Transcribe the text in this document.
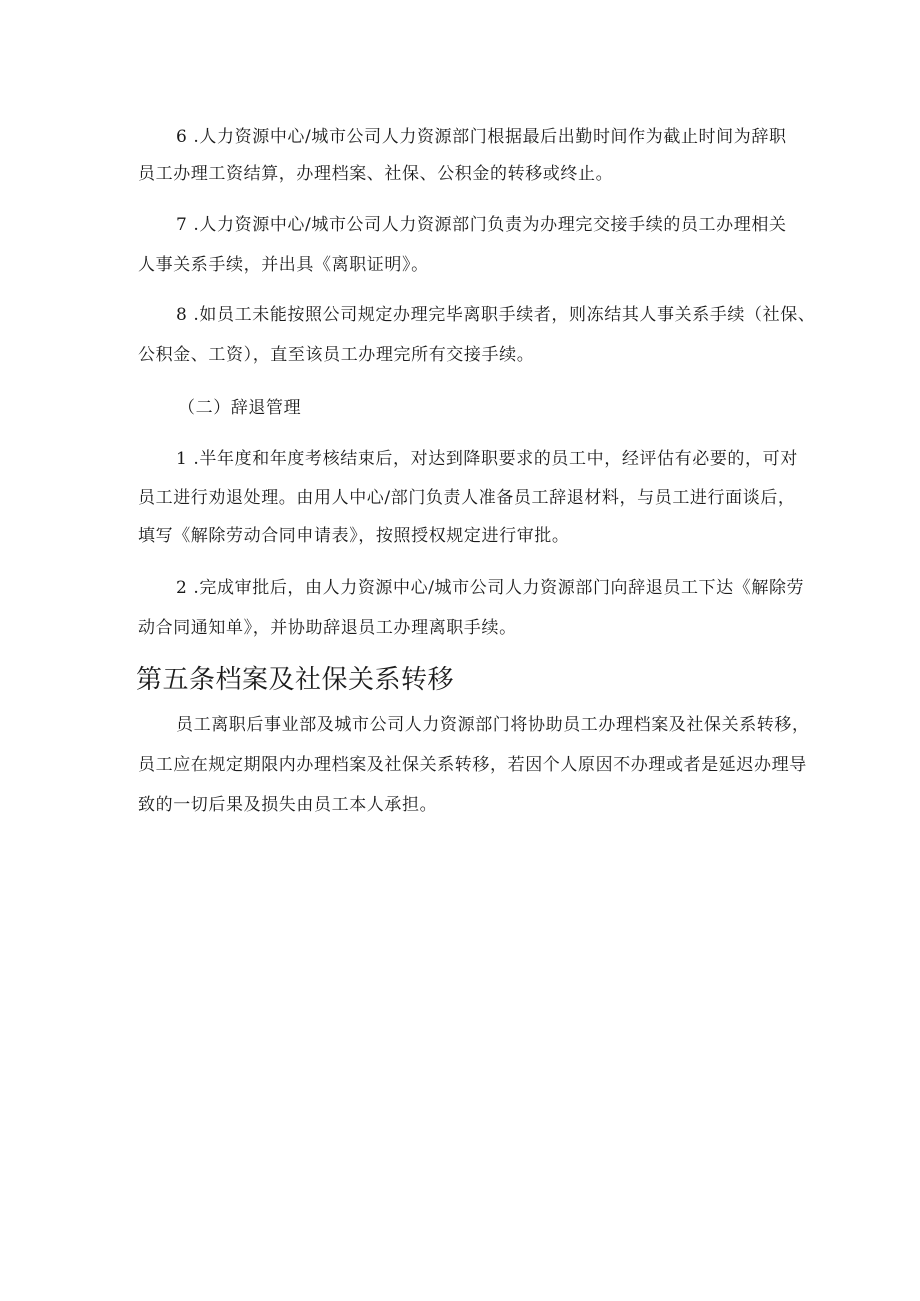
6 .人力资源中心/城市公司人力资源部门根据最后出勤时间作为截止时间为辞职
员工办理工资结算，办理档案、社保、公积金的转移或终止。
7 .人力资源中心/城市公司人力资源部门负责为办理完交接手续的员工办理相关
人事关系手续，并出具《离职证明》。
8 .如员工未能按照公司规定办理完毕离职手续者，则冻结其人事关系手续（社保、
公积金、工资），直至该员工办理完所有交接手续。
（二）辞退管理
1 .半年度和年度考核结束后，对达到降职要求的员工中，经评估有必要的，可对
员工进行劝退处理。由用人中心/部门负责人准备员工辞退材料，与员工进行面谈后，
填写《解除劳动合同申请表》，按照授权规定进行审批。
2 .完成审批后，由人力资源中心/城市公司人力资源部门向辞退员工下达《解除劳
动合同通知单》，并协助辞退员工办理离职手续。
第五条档案及社保关系转移
员工离职后事业部及城市公司人力资源部门将协助员工办理档案及社保关系转移，
员工应在规定期限内办理档案及社保关系转移，若因个人原因不办理或者是延迟办理导
致的一切后果及损失由员工本人承担。
